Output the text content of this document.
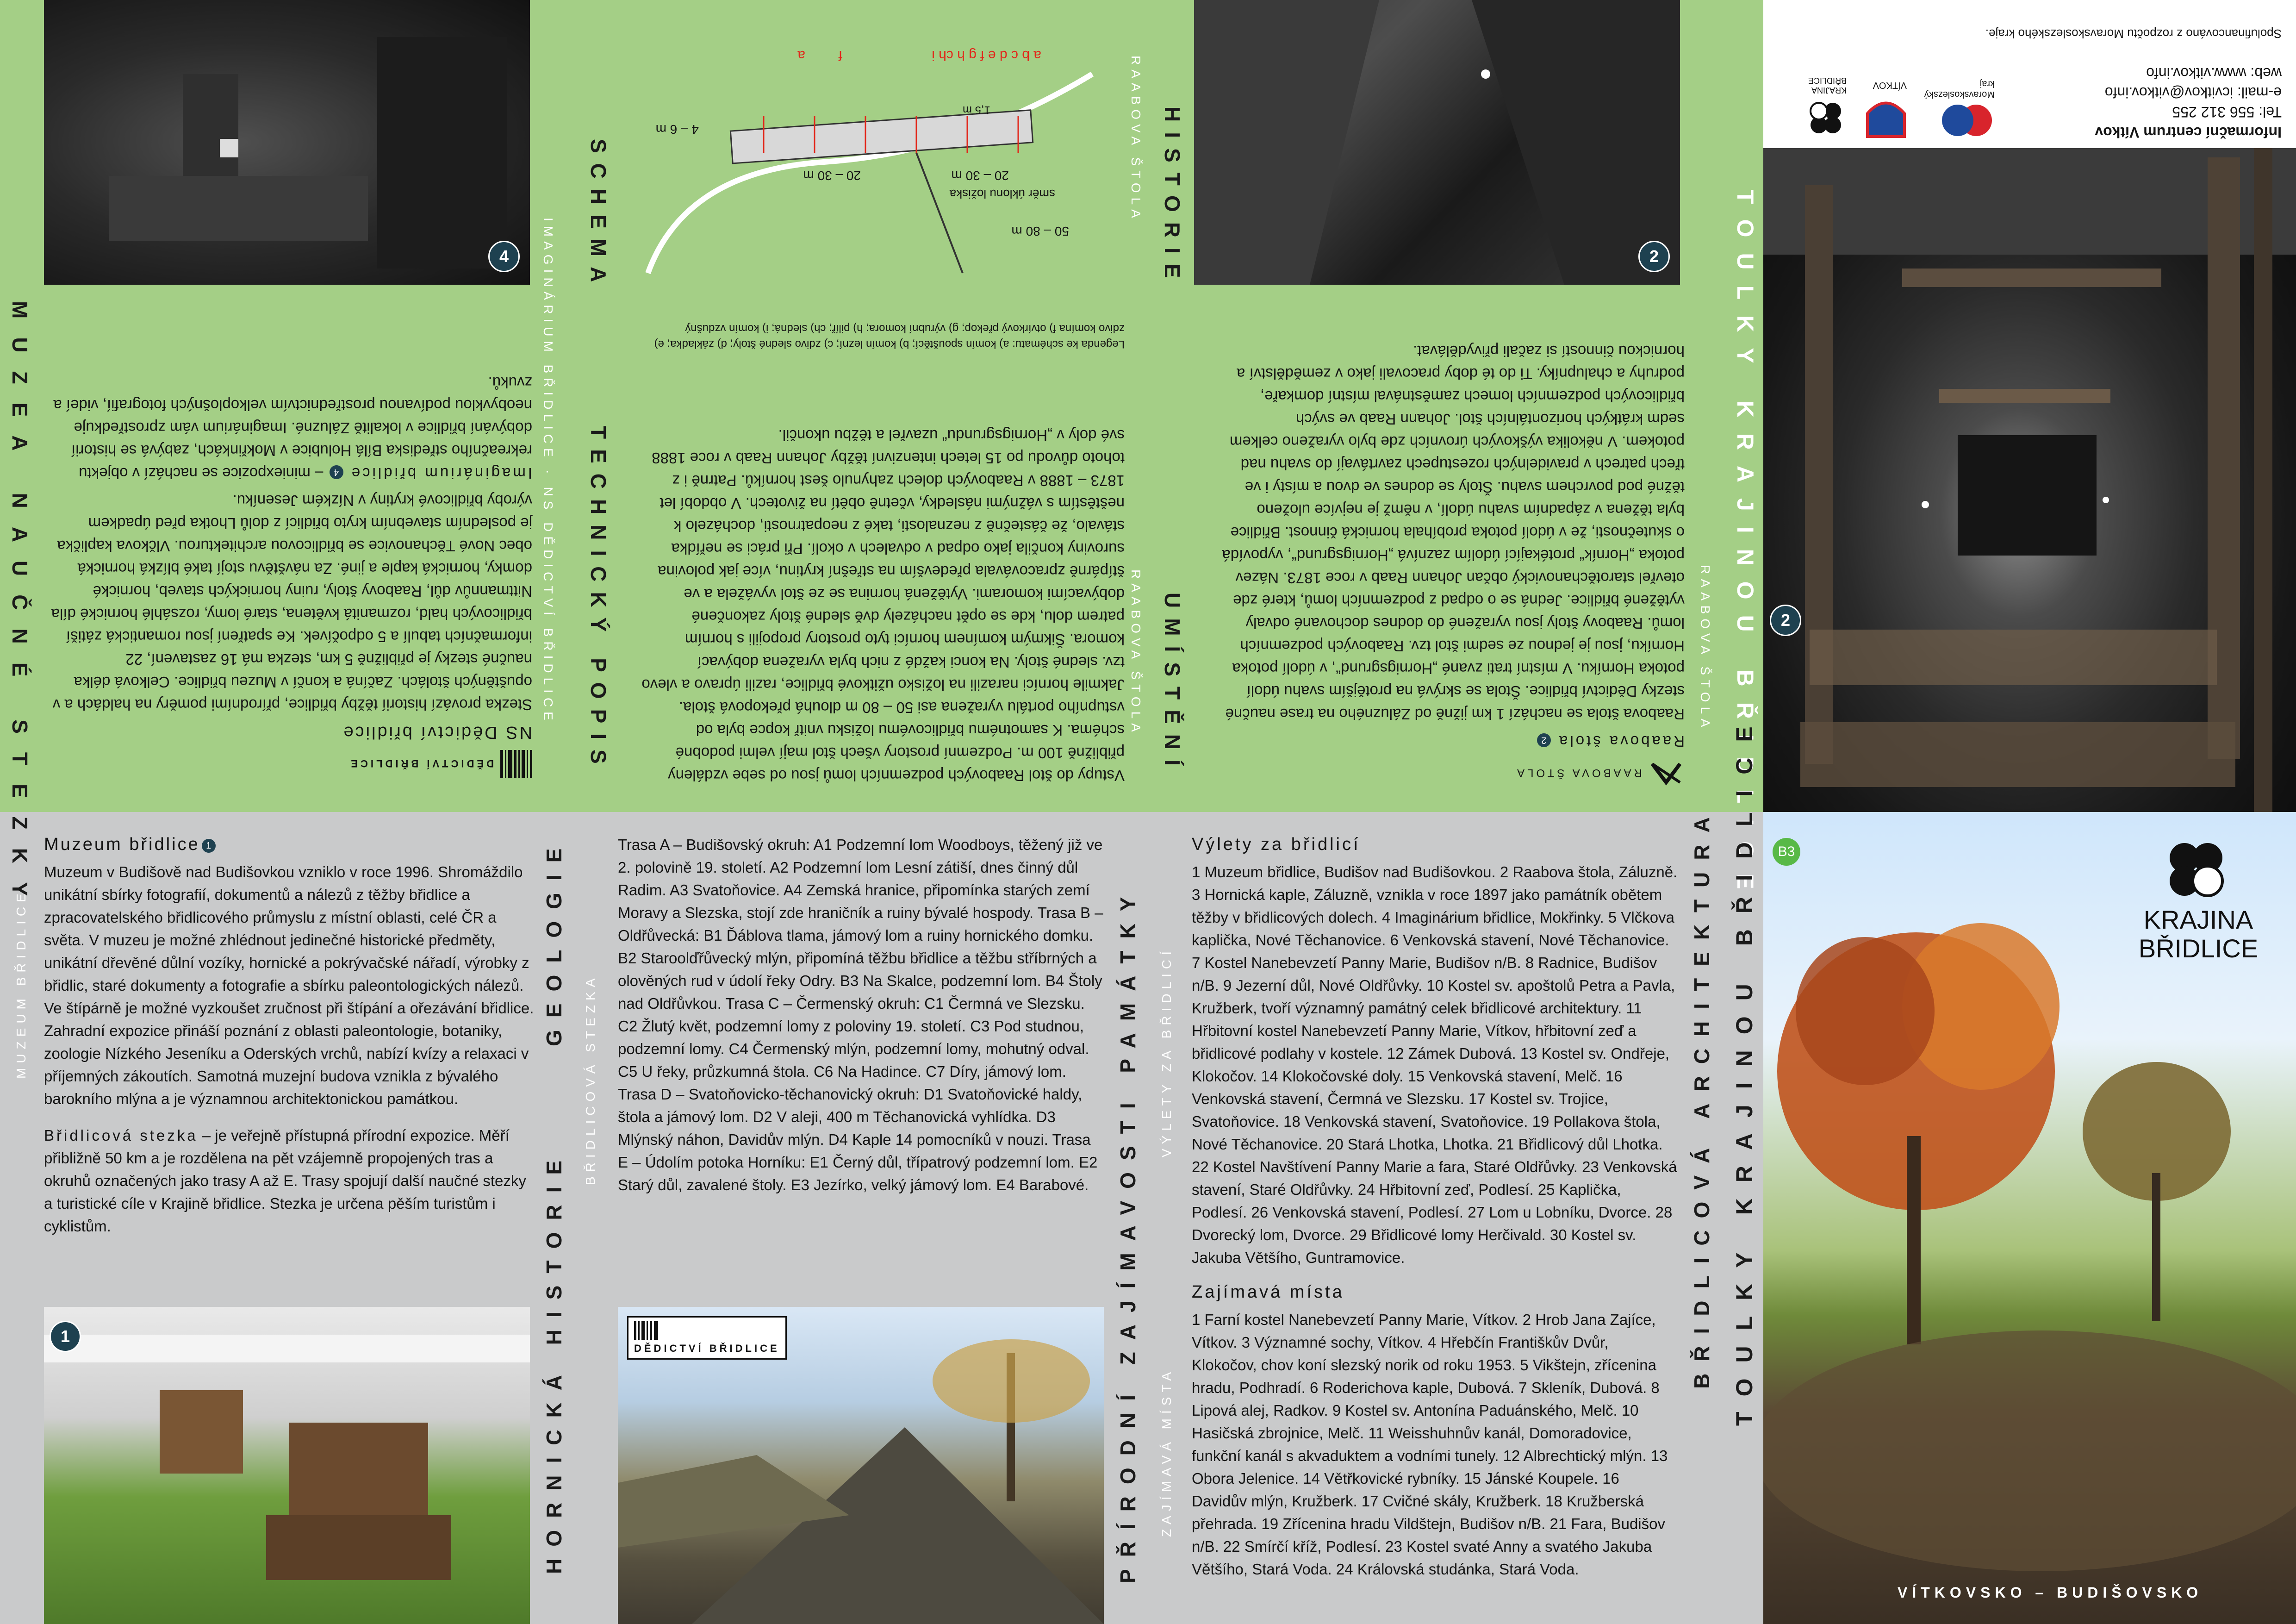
B3
KRAJINA
BŘIDLICE
VÍTKOVSKO – BUDIŠOVSKO
2
Informační centrum Vítkov
Tel: 556 312 255
e-mail: icvitkov@vitkov.info
web: www.vitkov.info
Spolufinancováno z rozpočtu Moravskoslezského kraje.
Moravskoslezský kraj
VÍTKOV
KRAJINA BŘIDLICE
4	2
50 – 80 m
20 – 30 m
20 – 30 m
4 – 6 m
1,5 m
směr úklonu ložiska
a b c d e f g h ch i
f
a
DĚDICTVÍ BŘIDLICE

NS Dědictví břidlice

Stezka provází historií těžby břidlice, přírodními poměry na haldách a v opuštěných štolách. Začíná a končí v Muzeu břidlice. Celková délka naučné stezky je přibližně 5 km, stezka má 16 zastavení, 22 informačních tabulí a 5 odpočívek. Ke spatření jsou romantická zátiší břidlicových hald, rozmanitá květena, staré lomy, rozsáhlé hornické díla Nittmannův důl, Raabovy štoly, ruiny hornických staveb, hornické domky, hornická kaple a jiné. Za návštěvu stojí také blízká hornická obec Nové Těchanovice se břidlicovou architekturou. Vlčkova kaplička je posledním stavebním kryto břidlicí z dolů Lhotka před úpadkem výroby břidlicové krytiny v Nízkém Jeseníku.

Imaginárium břidlice 4 – miniexpozice se nachází v objektu rekreačního střediska Bílá Holubice v Mokřinkách, zabývá se historií dobývání břidlice v lokalitě Záluzné. Imaginárium vám zprostředkuje neobyvklou podívanou prostřednictvím velkoplošných fotografií, videí a zvuků.

Vstupy do štol Raabových podzemních lomů jsou od sebe vzdáleny přibližně 100 m. Podzemní prostory všech štol mají velmi podobné schéma. K samotnému břidlicovému ložisku vnitř kopce byla od vstupního portálu vyražena asi 50 – 80 m dlouhá překopová štola. Jakmile horníci narazili na ložisko užitkové břidlice, razili úpravo a vlevo tzv. sledné štoly. Na konci každé z nich byla vyražena dobývací komora. Šikmým komínem horníci tyto prostory propojili s horním patrem dolu, kde se opět nacházely dvě sledné štoly zakončené dobývacími komorami. Vytěžená hornina se ze štol vyvážela a ve štípárně zpracovávala především na střešní krytinu, více jak polovina suroviny končila jako odpad v odvalech v okolí. Při práci se neřídka stávalo, že částečně z neznalosti, také z neopatrnosti, docházelo k neštěstím s vážnými následky, včetně obětí na životech. V období let 1873 – 1888 v Raabových dolech zahynulo šest horníků. Patrně i z tohoto důvodu po 15 letech intenzivní těžby Johann Raab v roce 1888 své doly v „Hornigsgrundu“ uzavřel a těžbu ukončil.

Legenda ke schématu: a) komín spouštěcí; b) komín lezní; c) zdivo sledné štoly; d) základka; e) zdivo komína f) otvírkový překop; g) výrubní komora; h) pilíř; ch) sledná; i) komín vzdušný
RAABOVA ŠTOLA

Raabova štola 2

Raabova štola se nachází 1 km jižně od Záluzného na trase naučné stezky Dědictví břidlice. Štola se skrývá na protějším svahu údolí potoka Horníku. V místní trati zvané „Hornigsgrund“, v údolí potoka Horníku, jsou je jednou ze sedmi štol tzv. Raabových podzemních lomů. Raabovy štoly jsou vyražené do dodnes dochované odvaly vytěžené břidlice. Jedná se o odpad z podzemních lomů, které zde otevřel starotěchanovický občan Johann Raab v roce 1873. Název potoka „Horník“ protékající údolím zaznívá „Hornigsgrund“, vypovídá o skutečnosti, že v údolí potoka probíhala hornická činnost. Břidlice byla těžena v západním svahu údolí, v němž je nejvíce uloženo těžné pod povrchem svahu. Štoly se dodnes ve dvou a místy i ve třech patrech v pravidelných rozestupech zavrtávají do svahu nad potokem. V několika výškových úrovních zde bylo vyraženo celkem sedm krátkých horizontálních štol. Johann Raab ve svých břidlicových podzemních lomech zaměstnával místní domkaře, podruhy a chalupníky. Ti do té doby pracovali jako v zemědělství a hornickou činností si začali přivydělávat.

MUZEA NAUČNÉ STEZKY	TECHNICKÝ POPIS
SCHEMA
IMAGINÁRIUM BŘIDLICE · NS DĚDICTVÍ BŘIDLICE
HISTORIE
RAABOVA ŠTOLA
UMÍSTĚNÍ
RAABOVA ŠTOLA	TOULKY KRAJINOU BŘIDLICE
RAABOVA ŠTOLA
MUZEUM BŘIDLICE
HORNICKÁ HISTORIE

Muzeum břidlice 1

Muzeum v Budišově nad Budišovkou vzniklo v roce 1996. Shromáždilo unikátní sbírky fotografií, dokumentů a nálezů z těžby břidlice a zpracovatelského břidlicového průmyslu z místní oblasti, celé ČR a světa. V muzeu je možné zhlédnout jedinečné historické předměty, unikátní dřevěné důlní vozíky, hornické a pokrývačské nářadí, výrobky z břidlic, staré dokumenty a fotografie a sbírku paleontologických nálezů. Ve štípárně je možné vyzkoušet zručnost při štípání a ořezávání břidlice. Zahradní expozice přináší poznání z oblasti paleontologie, botaniky, zoologie Nízkého Jeseníku a Oderských vrchů, nabízí kvízy a relaxaci v příjemných zákoutích. Samotná muzejní budova vznikla z bývalého barokního mlýna a je významnou architektonickou památkou.

Břidlicová stezka – je veřejně přístupná přírodní expozice. Měří přibližně 50 km a je rozdělena na pět vzájemně propojených tras a okruhů označených jako trasy A až E. Trasy spojují další naučné stezky a turistické cíle v Krajině břidlice. Stezka je určena pěším turistům i cyklistům.

1
BŘIDLICOVÁ STEZKA
GEOLOGIE	Trasa A – Budišovský okruh: A1 Podzemní lom Woodboys, těžený již ve 2. polovině 19. století. A2 Podzemní lom Lesní zátiší, dnes činný důl Radim. A3 Svatoňovice. A4 Zemská hranice, připomínka starých zemí Moravy a Slezska, stojí zde hraničník a ruiny bývalé hospody. Trasa B – Oldřůvecká: B1 Ďáblova tlama, jámový lom a ruiny hornického domku. B2 Staroolďřůvecký mlýn, připomíná těžbu břidlice a těžbu stříbrných a olověných rud v údolí řeky Odry. B3 Na Skalce, podzemní lom. B4 Štoly nad Oldřůvkou. Trasa C – Čermenský okruh: C1 Čermná ve Slezsku. C2 Žlutý květ, podzemní lomy z poloviny 19. století. C3 Pod studnou, podzemní lomy. C4 Čermenský mlýn, podzemní lomy, mohutný odval. C5 U řeky, průzkumná štola. C6 Na Hadince. C7 Díry, jámový lom. Trasa D – Svatoňovicko-těchanovický okruh: D1 Svatoňovické haldy, štola a jámový lom. D2 V aleji, 400 m Těchanovická vyhlídka. D3 Mlýnský náhon, Davidův mlýn. D4 Kaple 14 pomocníků v nouzi. Trasa E – Údolím potoka Horníku: E1 Černý důl, třípatrový podzemní lom. E2 Starý důl, zavalené štoly. E3 Jezírko, velký jámový lom. E4 Barabové.
DĚDICTVÍ BŘIDLICE
VÝLETY ZA BŘIDLICÍ
ZAJÍMAVÁ MÍSTA
PŘÍRODNÍ ZAJÍMAVOSTI PAMÁTKY

Výlety za břidlicí

1 Muzeum břidlice, Budišov nad Budišovkou. 2 Raabova štola, Záluzně. 3 Hornická kaple, Záluzně, vznikla v roce 1897 jako památník obětem těžby v břidlicových dolech. 4 Imaginárium břidlice, Mokřinky. 5 Vlčkova kaplička, Nové Těchanovice. 6 Venkovská stavení, Nové Těchanovice. 7 Kostel Nanebevzetí Panny Marie, Budišov n/B. 8 Radnice, Budišov n/B. 9 Jezerní důl, Nové Oldřůvky. 10 Kostel sv. apoštolů Petra a Pavla, Kružberk, tvoří významný památný celek břidlicové architektury. 11 Hřbitovní kostel Nanebevzetí Panny Marie, Vítkov, hřbitovní zeď a břidlicové podlahy v kostele. 12 Zámek Dubová. 13 Kostel sv. Ondřeje, Klokočov. 14 Klokočovské doly. 15 Venkovská stavení, Melč. 16 Venkovská stavení, Čermná ve Slezsku. 17 Kostel sv. Trojice, Svatoňovice. 18 Venkovská stavení, Svatoňovice. 19 Pollakova štola, Nové Těchanovice. 20 Stará Lhotka, Lhotka. 21 Břidlicový důl Lhotka. 22 Kostel Navštívení Panny Marie a fara, Staré Oldřůvky. 23 Venkovská stavení, Staré Oldřůvky. 24 Hřbitovní zeď, Podlesí. 25 Kaplička, Podlesí. 26 Venkovská stavení, Podlesí. 27 Lom u Lobníku, Dvorce. 28 Dvorecký lom, Dvorce. 29 Břidlicové lomy Herčivald. 30 Kostel sv. Jakuba Většího, Guntramovice.

Zajímavá místa

1 Farní kostel Nanebevzetí Panny Marie, Vítkov. 2 Hrob Jana Zajíce, Vítkov. 3 Významné sochy, Vítkov. 4 Hřebčín Františkův Dvůr, Klokočov, chov koní slezský norik od roku 1953. 5 Vikštejn, zřícenina hradu, Podhradí. 6 Roderichova kaple, Dubová. 7 Skleník, Dubová. 8 Lipová alej, Radkov. 9 Kostel sv. Antonína Paduánského, Melč. 10 Hasičská zbrojnice, Melč. 11 Weisshuhnův kanál, Domoradovice, funkční kanál s akvaduktem a vodními tunely. 12 Albrechtický mlýn. 13 Obora Jelenice. 14 Větřkovické rybníky. 15 Jánské Koupele. 16 Davidův mlýn, Kružberk. 17 Cvičné skály, Kružberk. 18 Kružberská přehrada. 19 Zřícenina hradu Vildštejn, Budišov n/B. 21 Fara, Budišov n/B. 22 Smírčí kříž, Podlesí. 23 Kostel svaté Anny a svatého Jakuba Většího, Stará Voda. 24 Královská studánka, Stará Voda.

BŘIDLICOVÁ ARCHITEKTURA TOULKY KRAJINOU BŘIDLICE
